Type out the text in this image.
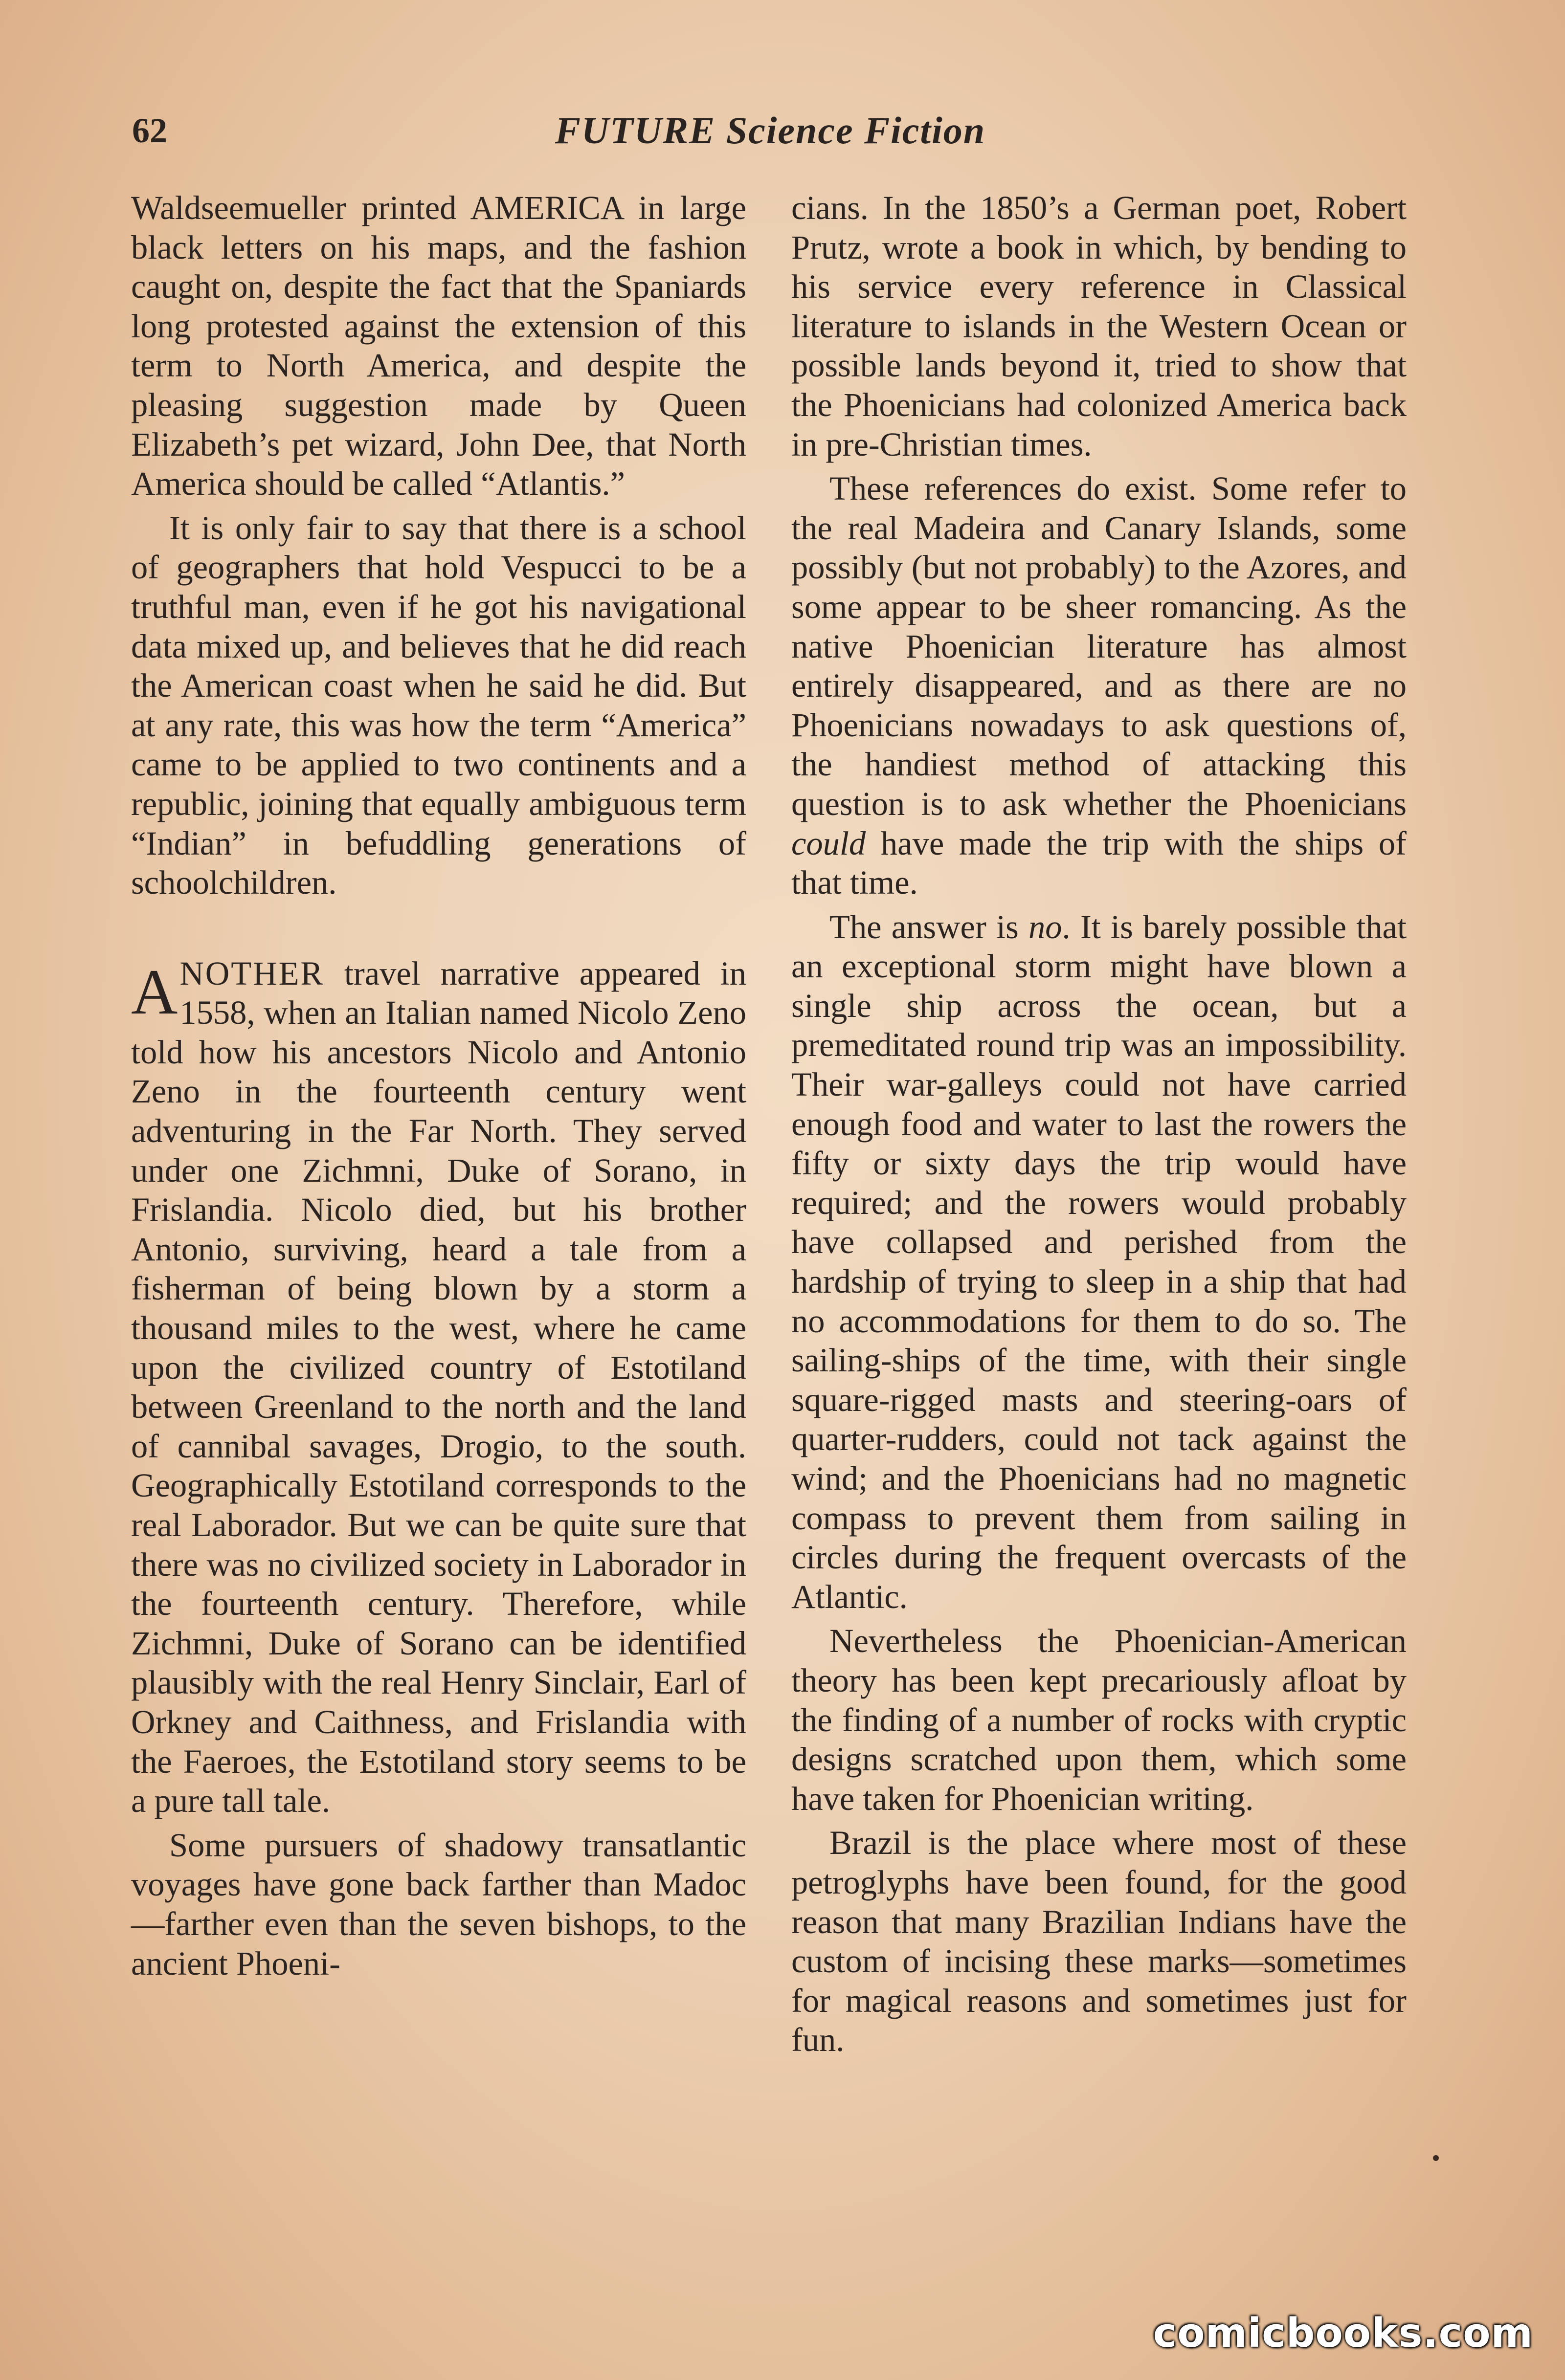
62	FUTURE Science Fiction

Waldseemueller printed AMERICA in large black letters on his maps, and the fashion caught on, despite the fact that the Spaniards long protested against the extension of this term to North America, and despite the pleasing suggestion made by Queen Elizabeth’s pet wizard, John Dee, that North America should be called “Atlantis.”

It is only fair to say that there is a school of geographers that hold Vespucci to be a truthful man, even if he got his navigational data mixed up, and believes that he did reach the American coast when he said he did. But at any rate, this was how the term “America” came to be applied to two continents and a republic, joining that equally ambiguous term “Indian” in befuddling generations of schoolchildren.

ANOTHER travel narrative appeared in 1558, when an Italian named Nicolo Zeno told how his ancestors Nicolo and Antonio Zeno in the fourteenth century went adventuring in the Far North. They served under one Zichmni, Duke of Sorano, in Frislandia. Nicolo died, but his brother Antonio, surviving, heard a tale from a fisherman of being blown by a storm a thousand miles to the west, where he came upon the civilized country of Estotiland between Greenland to the north and the land of cannibal savages, Drogio, to the south. Geographically Estotiland corresponds to the real Laborador. But we can be quite sure that there was no civilized society in Laborador in the fourteenth century. Therefore, while Zichmni, Duke of Sorano can be identified plausibly with the real Henry Sinclair, Earl of Orkney and Caithness, and Frislandia with the Faeroes, the Estotiland story seems to be a pure tall tale.

Some pursuers of shadowy transatlantic voyages have gone back farther than Madoc—farther even than the seven bishops, to the ancient Phoeni-

cians. In the 1850’s a German poet, Robert Prutz, wrote a book in which, by bending to his service every reference in Classical literature to islands in the Western Ocean or possible lands beyond it, tried to show that the Phoenicians had colonized America back in pre-Christian times.

These references do exist. Some refer to the real Madeira and Canary Islands, some possibly (but not probably) to the Azores, and some appear to be sheer romancing. As the native Phoenician literature has almost entirely disappeared, and as there are no Phoenicians nowadays to ask questions of, the handiest method of attacking this question is to ask whether the Phoenicians could have made the trip with the ships of that time.

The answer is no. It is barely possible that an exceptional storm might have blown a single ship across the ocean, but a premeditated round trip was an impossibility. Their war-galleys could not have carried enough food and water to last the rowers the fifty or sixty days the trip would have required; and the rowers would probably have collapsed and perished from the hardship of trying to sleep in a ship that had no accommodations for them to do so. The sailing-ships of the time, with their single square-rigged masts and steering-oars of quarter-rudders, could not tack against the wind; and the Phoenicians had no magnetic compass to prevent them from sailing in circles during the frequent overcasts of the Atlantic.

Nevertheless the Phoenician-American theory has been kept precariously afloat by the finding of a number of rocks with cryptic designs scratched upon them, which some have taken for Phoenician writing.

Brazil is the place where most of these petroglyphs have been found, for the good reason that many Brazilian Indians have the custom of incising these marks—sometimes for magical reasons and sometimes just for fun.

comicbooks.com
